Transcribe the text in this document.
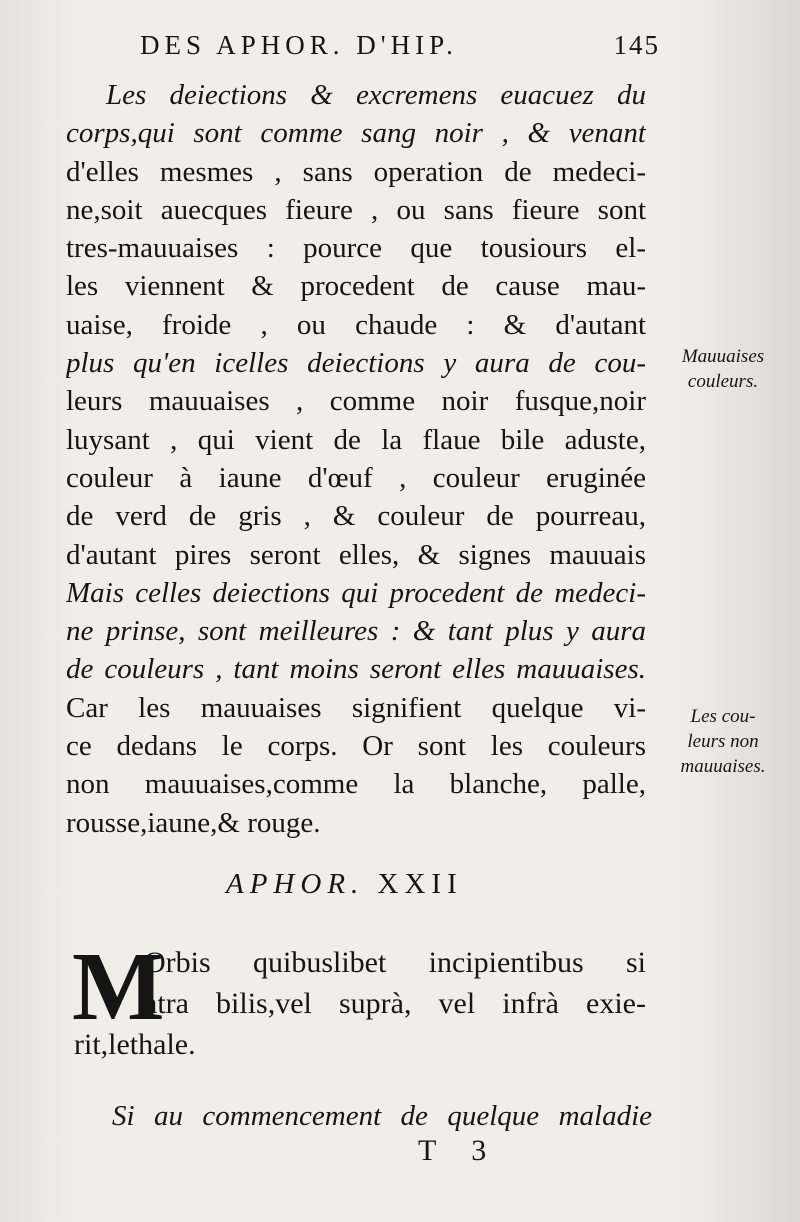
DES APHOR. D'HIP.	145
Les deiections & excremens euacuez du
corps,qui sont comme sang noir , & venant
d'elles mesmes , sans operation de medeci-
ne,soit auecques fieure , ou sans fieure sont
tres-mauuaises : pource que tousiours el-
les viennent & procedent de cause mau-
uaise, froide , ou chaude : & d'autant
plus qu'en icelles deiections y aura de cou-
leurs mauuaises , comme noir fusque,noir
luysant , qui vient de la flaue bile aduste,
couleur à iaune d'œuf , couleur eruginée
de verd de gris , & couleur de pourreau,
d'autant pires seront elles, & signes mauuais
Mais celles deiections qui procedent de medeci-
ne prinse, sont meilleures : & tant plus y aura
de couleurs , tant moins seront elles mauuaises.
Car les mauuaises signifient quelque vi-
ce dedans le corps. Or sont les couleurs
non mauuaises,comme la blanche, palle,
rousse,iaune,& rouge.
Mauuaises
couleurs.
Les cou-
leurs non
mauuaises.
APHOR. XXII
M
Orbis quibuslibet incipientibus si
atra bilis,vel suprà, vel infrà exie-
rit,lethale.
Si au commencement de quelque maladie
T 3
